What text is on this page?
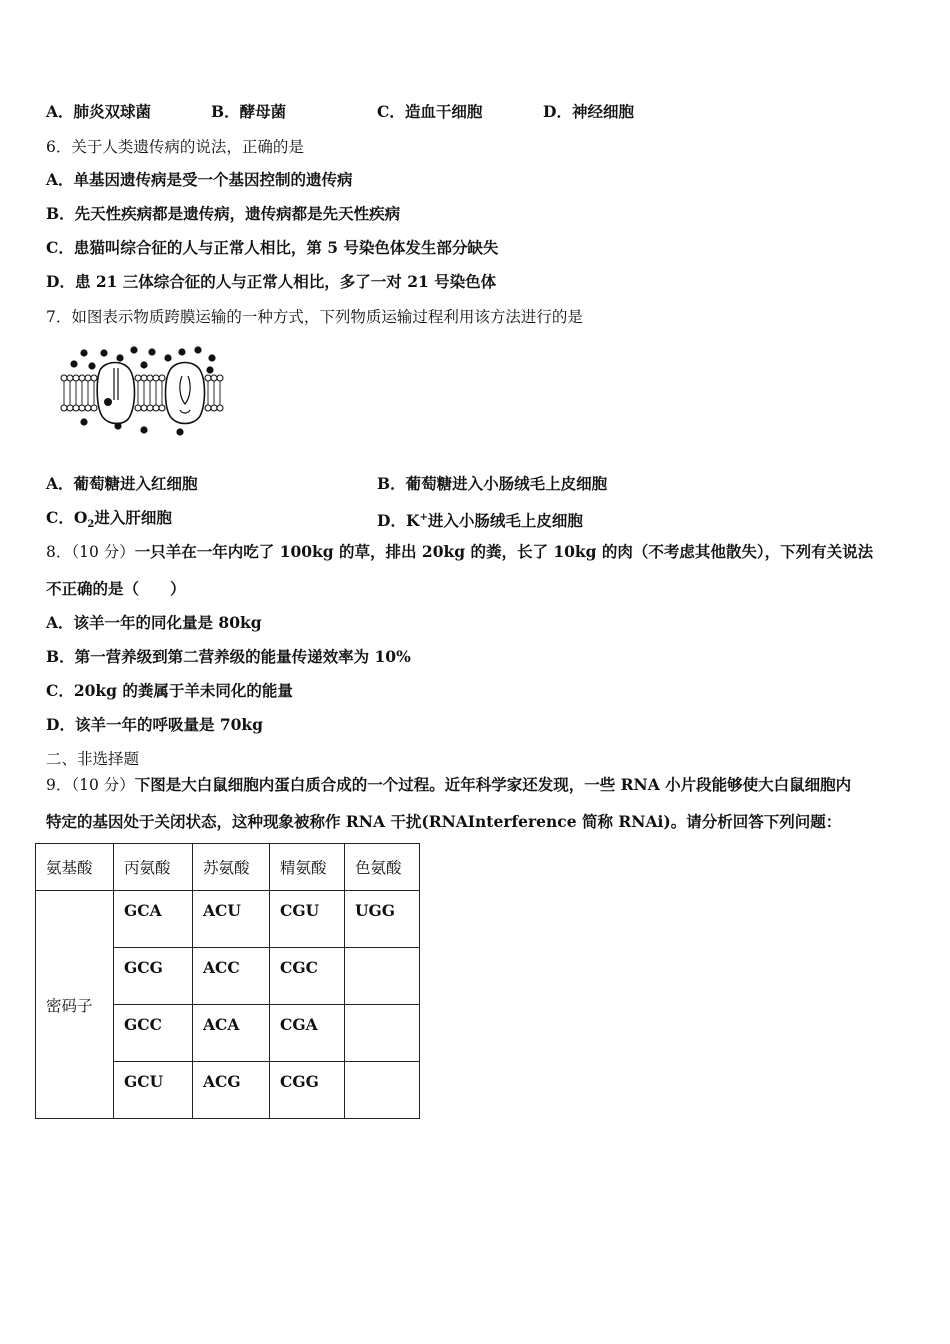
A．肺炎双球菌	B．酵母菌	C．造血干细胞	D．神经细胞
6．关于人类遗传病的说法，正确的是
A．单基因遗传病是受一个基因控制的遗传病
B．先天性疾病都是遗传病，遗传病都是先天性疾病
C．患猫叫综合征的人与正常人相比，第 5 号染色体发生部分缺失
D．患 21 三体综合征的人与正常人相比，多了一对 21 号染色体
7．如图表示物质跨膜运输的一种方式，下列物质运输过程利用该方法进行的是
A．葡萄糖进入红细胞	B．葡萄糖进入小肠绒毛上皮细胞
C．$O_2$进入肝细胞	D．K+进入小肠绒毛上皮细胞
8．（10 分）一只羊在一年内吃了 100kg 的草，排出 20kg 的粪，长了 10kg 的肉（不考虑其他散失），下列有关说法
不正确的是（　　）
A．该羊一年的同化量是 80kg
B．第一营养级到第二营养级的能量传递效率为 10%
C．20kg 的粪属于羊未同化的能量
D．该羊一年的呼吸量是 70kg
二、非选择题
9．（10 分）下图是大白鼠细胞内蛋白质合成的一个过程。近年科学家还发现，一些 RNA 小片段能够使大白鼠细胞内
特定的基因处于关闭状态，这种现象被称作 RNA 干扰(RNAInterference 简称 RNAi)。请分析回答下列问题：
氨基酸	丙氨酸	苏氨酸	精氨酸	色氨酸
密码子	GCA	ACU	CGU	UGG
	GCG	ACC	CGC	
	GCC	ACA	CGA	
	GCU	ACG	CGG	
